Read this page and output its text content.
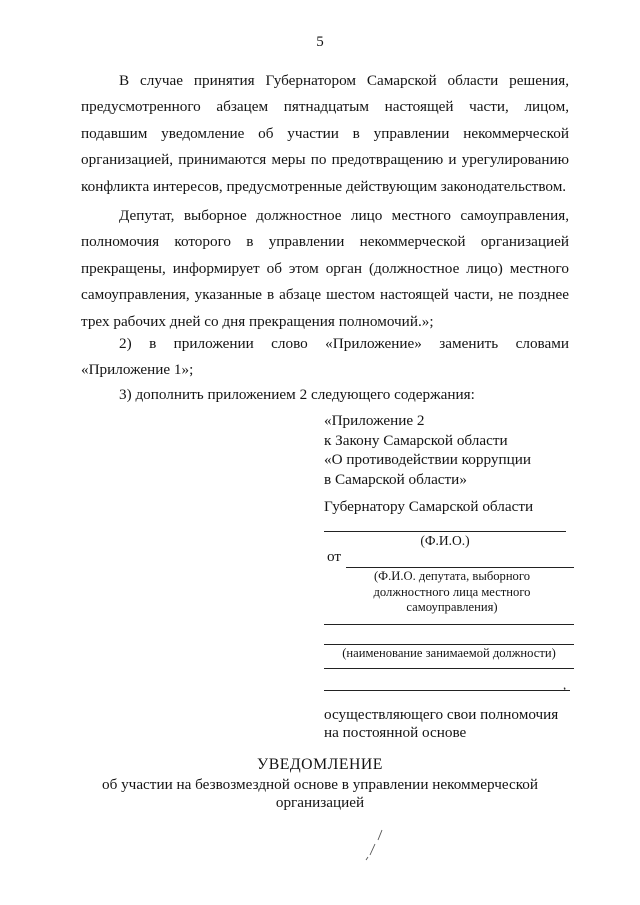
5

В случае принятия Губернатором Самарской области решения, предусмотренного абзацем пятнадцатым настоящей части, лицом, подавшим уведомление об участии в управлении некоммерческой организацией, принимаются меры по предотвращению и урегулированию конфликта интересов, предусмотренные действующим законодательством.

Депутат, выборное должностное лицо местного самоуправления, полномочия которого в управлении некоммерческой организацией прекращены, информирует об этом орган (должностное лицо) местного самоуправления, указанные в абзаце шестом настоящей части, не позднее трех рабочих дней со дня прекращения полномочий.»;

2) в приложении слово «Приложение» заменить словами «Приложение 1»;

3) дополнить приложением 2 следующего содержания:

«Приложение 2
к Закону Самарской области
«О противодействии коррупции
в Самарской области»
Губернатору Самарской области
(Ф.И.О.)
от
(Ф.И.О. депутата, выборного
должностного лица местного
самоуправления)
(наименование занимаемой должности)
,
осуществляющего свои полномочия
на постоянной основе
УВЕДОМЛЕНИЕ
об участии на безвозмездной основе в управлении некоммерческой
организацией
